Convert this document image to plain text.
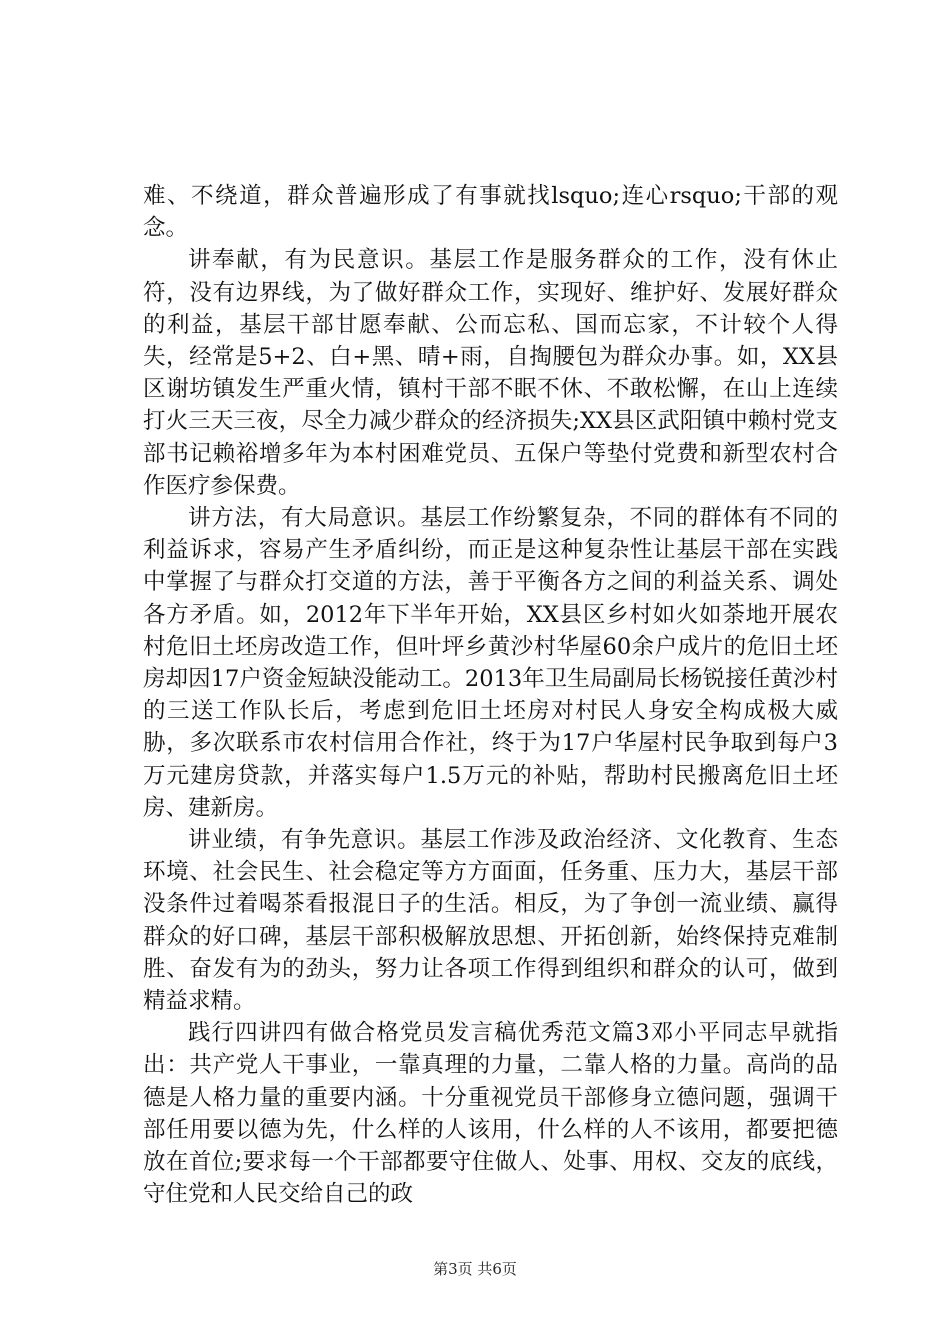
难、不绕道，群众普遍形成了有事就找lsquo;连心rsquo;干部的观念。

讲奉献，有为民意识。基层工作是服务群众的工作，没有休止符，没有边界线，为了做好群众工作，实现好、维护好、发展好群众的利益，基层干部甘愿奉献、公而忘私、国而忘家，不计较个人得失，经常是5+2、白+黑、晴+雨，自掏腰包为群众办事。如，XX县区谢坊镇发生严重火情，镇村干部不眠不休、不敢松懈，在山上连续打火三天三夜，尽全力减少群众的经济损失;XX县区武阳镇中赖村党支部书记赖裕增多年为本村困难党员、五保户等垫付党费和新型农村合作医疗参保费。

讲方法，有大局意识。基层工作纷繁复杂，不同的群体有不同的利益诉求，容易产生矛盾纠纷，而正是这种复杂性让基层干部在实践中掌握了与群众打交道的方法，善于平衡各方之间的利益关系、调处各方矛盾。如，2012年下半年开始，XX县区乡村如火如荼地开展农村危旧土坯房改造工作，但叶坪乡黄沙村华屋60余户成片的危旧土坯房却因17户资金短缺没能动工。2013年卫生局副局长杨锐接任黄沙村的三送工作队长后，考虑到危旧土坯房对村民人身安全构成极大威胁，多次联系市农村信用合作社，终于为17户华屋村民争取到每户3万元建房贷款，并落实每户1.5万元的补贴，帮助村民搬离危旧土坯房、建新房。

讲业绩，有争先意识。基层工作涉及政治经济、文化教育、生态环境、社会民生、社会稳定等方方面面，任务重、压力大，基层干部没条件过着喝茶看报混日子的生活。相反，为了争创一流业绩、赢得群众的好口碑，基层干部积极解放思想、开拓创新，始终保持克难制胜、奋发有为的劲头，努力让各项工作得到组织和群众的认可，做到精益求精。

践行四讲四有做合格党员发言稿优秀范文篇3邓小平同志早就指出：共产党人干事业，一靠真理的力量，二靠人格的力量。高尚的品德是人格力量的重要内涵。十分重视党员干部修身立德问题，强调干部任用要以德为先，什么样的人该用，什么样的人不该用，都要把德放在首位;要求每一个干部都要守住做人、处事、用权、交友的底线，守住党和人民交给自己的政

第3页 共6页
